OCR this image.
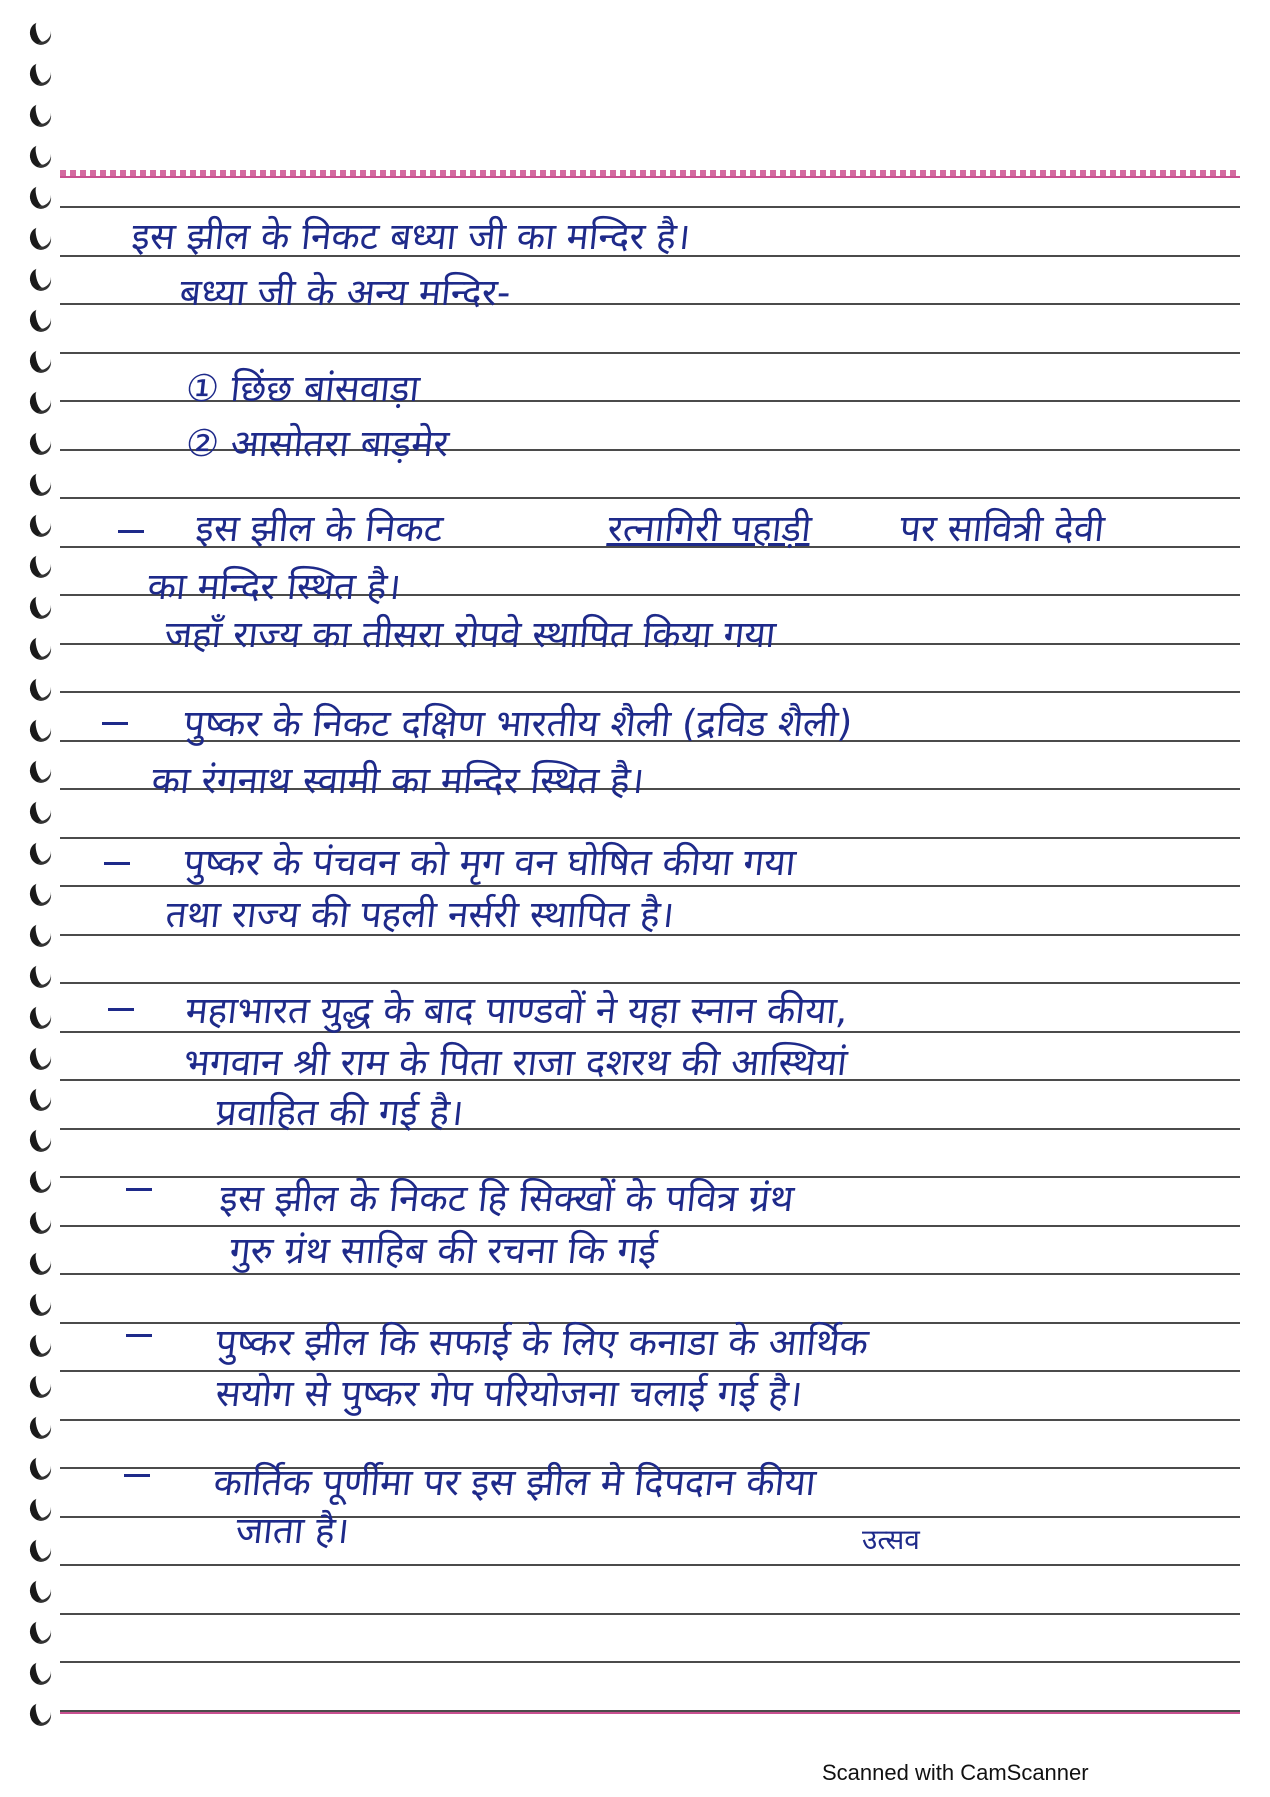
इस झील के निकट बध्या जी का मन्दिर है।
बध्या जी के अन्य मन्दिर-
① छिंछ बांसवाड़ा
② आसोतरा बाड़मेर
इस झील के निकट	रत्नागिरी पहाड़ी पर सावित्री देवी
का मन्दिर स्थित है।
जहाँ राज्य का तीसरा रोपवे स्थापित किया गया
पुष्कर के निकट दक्षिण भारतीय शैली (द्रविड शैली)
का रंगनाथ स्वामी का मन्दिर स्थित है।
पुष्कर के पंचवन को मृग वन घोषित कीया गया
तथा राज्य की पहली नर्सरी स्थापित है।
महाभारत युद्ध के बाद पाण्डवों ने यहा स्नान कीया,
भगवान श्री राम के पिता राजा दशरथ की आस्थियां
प्रवाहित की गई है।
इस झील के निकट हि सिक्खों के पवित्र ग्रंथ
गुरु ग्रंथ साहिब की रचना कि गई
पुष्कर झील कि सफाई के लिए कनाडा के आर्थिक
सयोग से पुष्कर गेप परियोजना चलाई गई है।
कार्तिक पूर्णीमा पर इस झील मे दिपदान कीया
जाता है।	उत्सव
Scanned with CamScanner
